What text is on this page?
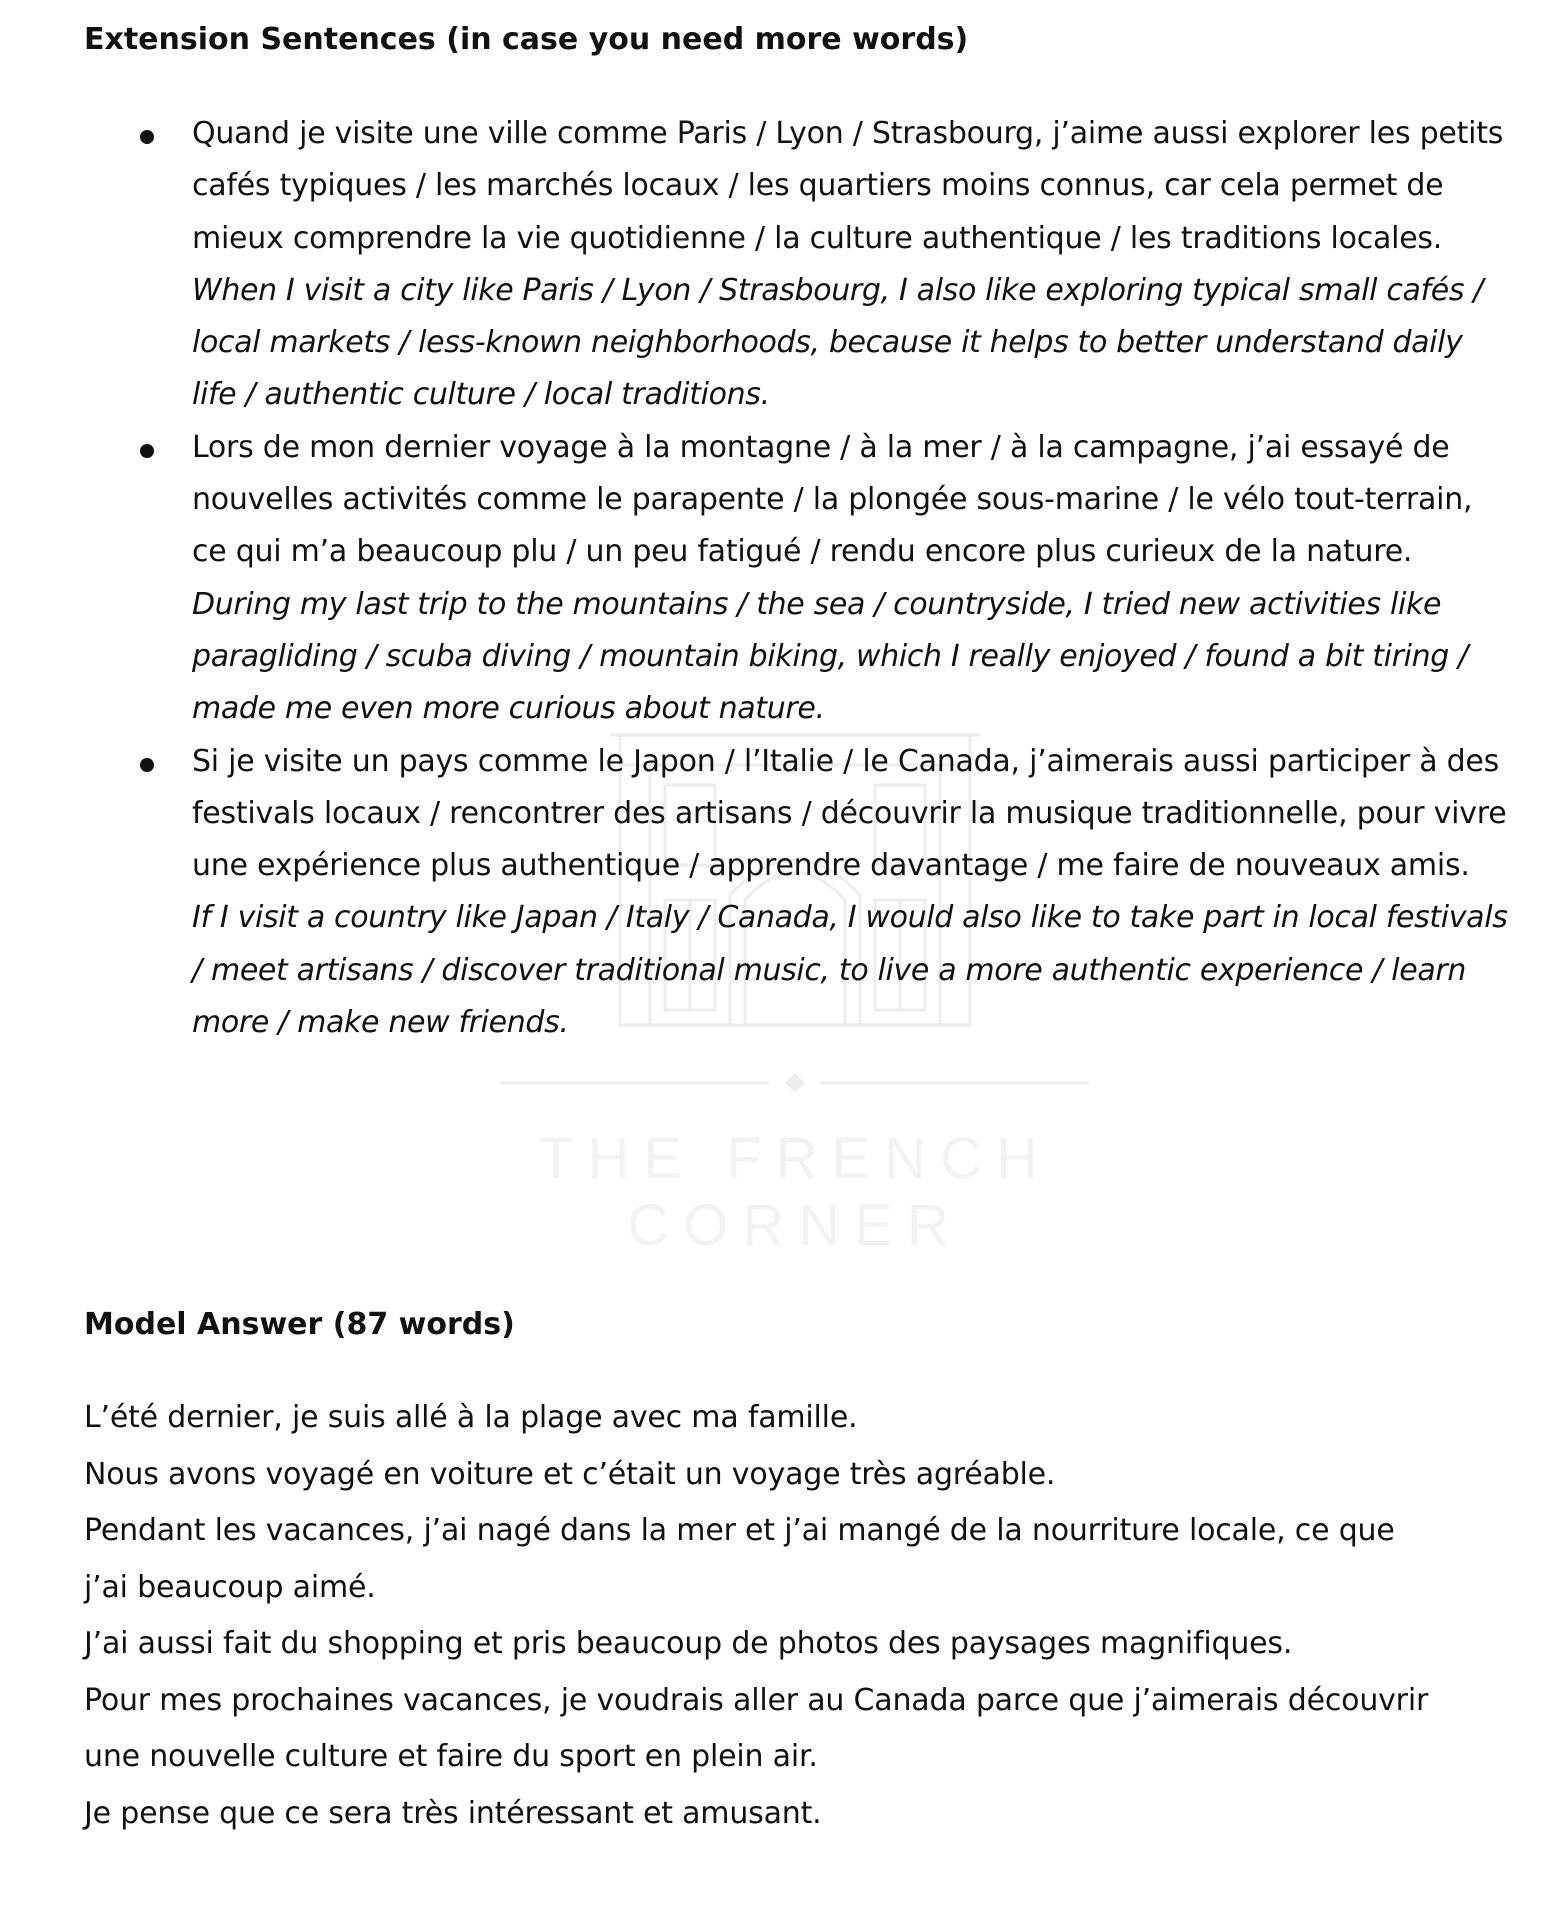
THE FRENCH CORNER
Extension Sentences (in case you need more words)
Quand je visite une ville comme Paris / Lyon / Strasbourg, j’aime aussi explorer les petits cafés typiques / les marchés locaux / les quartiers moins connus, car cela permet de mieux comprendre la vie quotidienne / la culture authentique / les traditions locales.
When I visit a city like Paris / Lyon / Strasbourg, I also like exploring typical small cafés / local markets / less-known neighborhoods, because it helps to better understand daily life / authentic culture / local traditions.
Lors de mon dernier voyage à la montagne / à la mer / à la campagne, j’ai essayé de nouvelles activités comme le parapente / la plongée sous-marine / le vélo tout-terrain, ce qui m’a beaucoup plu / un peu fatigué / rendu encore plus curieux de la nature.
During my last trip to the mountains / the sea / countryside, I tried new activities like paragliding / scuba diving / mountain biking, which I really enjoyed / found a bit tiring / made me even more curious about nature.
Si je visite un pays comme le Japon / l’Italie / le Canada, j’aimerais aussi participer à des festivals locaux / rencontrer des artisans / découvrir la musique traditionnelle, pour vivre une expérience plus authentique / apprendre davantage / me faire de nouveaux amis.
If I visit a country like Japan / Italy / Canada, I would also like to take part in local festivals / meet artisans / discover traditional music, to live a more authentic experience / learn more / make new friends.
Model Answer (87 words)

L’été dernier, je suis allé à la plage avec ma famille.

Nous avons voyagé en voiture et c’était un voyage très agréable.

Pendant les vacances, j’ai nagé dans la mer et j’ai mangé de la nourriture locale, ce que

j’ai beaucoup aimé.

J’ai aussi fait du shopping et pris beaucoup de photos des paysages magnifiques.

Pour mes prochaines vacances, je voudrais aller au Canada parce que j’aimerais découvrir

une nouvelle culture et faire du sport en plein air.

Je pense que ce sera très intéressant et amusant.
